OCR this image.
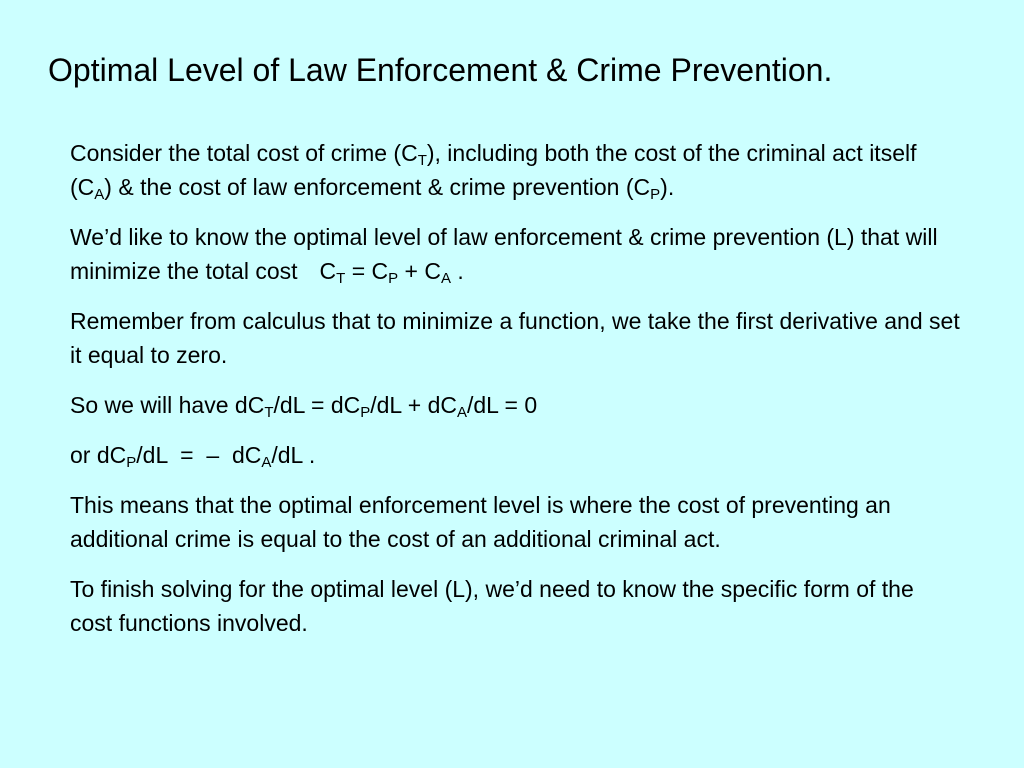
Optimal Level of Law Enforcement & Crime Prevention.

Consider the total cost of crime $(C_T)$, including both the cost of the criminal act itself $(C_A)$ & the cost of law enforcement & crime prevention $(C_P)$.

We’d like to know the optimal level of law enforcement & crime prevention (L) that will minimize the total cost $C_T = C_P + C_A$ .

Remember from calculus that to minimize a function, we take the first derivative and set it equal to zero.

So we will have $dC_T/dL = dC_P/dL + dC_A/dL = 0$

or $dC_P/dL$  =  –  $dC_A/dL$ .

This means that the optimal enforcement level is where the cost of preventing an additional crime is equal to the cost of an additional criminal act.

To finish solving for the optimal level (L), we’d need to know the specific form of the cost functions involved.
